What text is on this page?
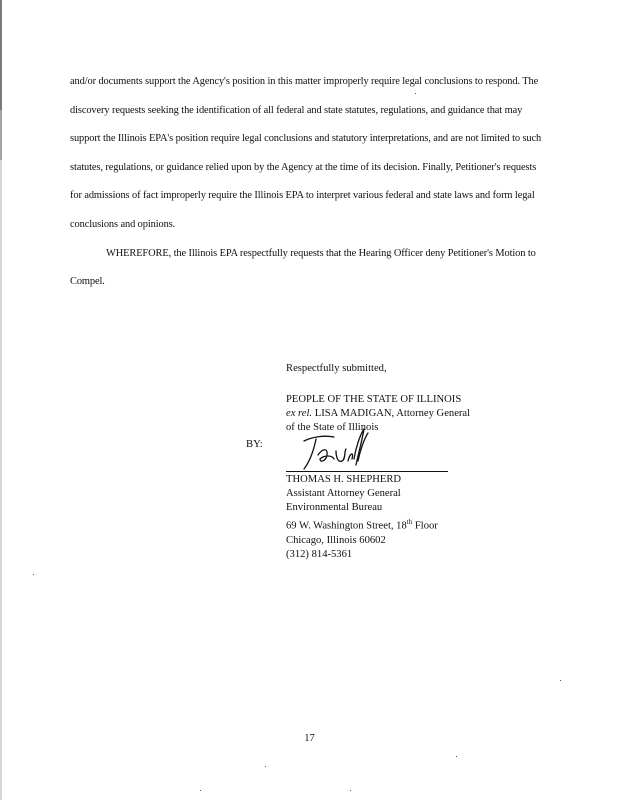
and/or documents support the Agency's position in this matter improperly require legal conclusions to respond. The discovery requests seeking the identification of all federal and state statutes, regulations, and guidance that may support the Illinois EPA's position require legal conclusions and statutory interpretations, and are not limited to such statutes, regulations, or guidance relied upon by the Agency at the time of its decision. Finally, Petitioner's requests for admissions of fact improperly require the Illinois EPA to interpret various federal and state laws and form legal conclusions and opinions.

WHEREFORE, the Illinois EPA respectfully requests that the Hearing Officer deny Petitioner's Motion to Compel.

Respectfully submitted,

PEOPLE OF THE STATE OF ILLINOIS

ex rel. LISA MADIGAN, Attorney General

of the State of Illinois

BY:

THOMAS H. SHEPHERD

Assistant Attorney General

Environmental Bureau

69 W. Washington Street, 18th Floor

Chicago, Illinois 60602

(312) 814-5361

17
